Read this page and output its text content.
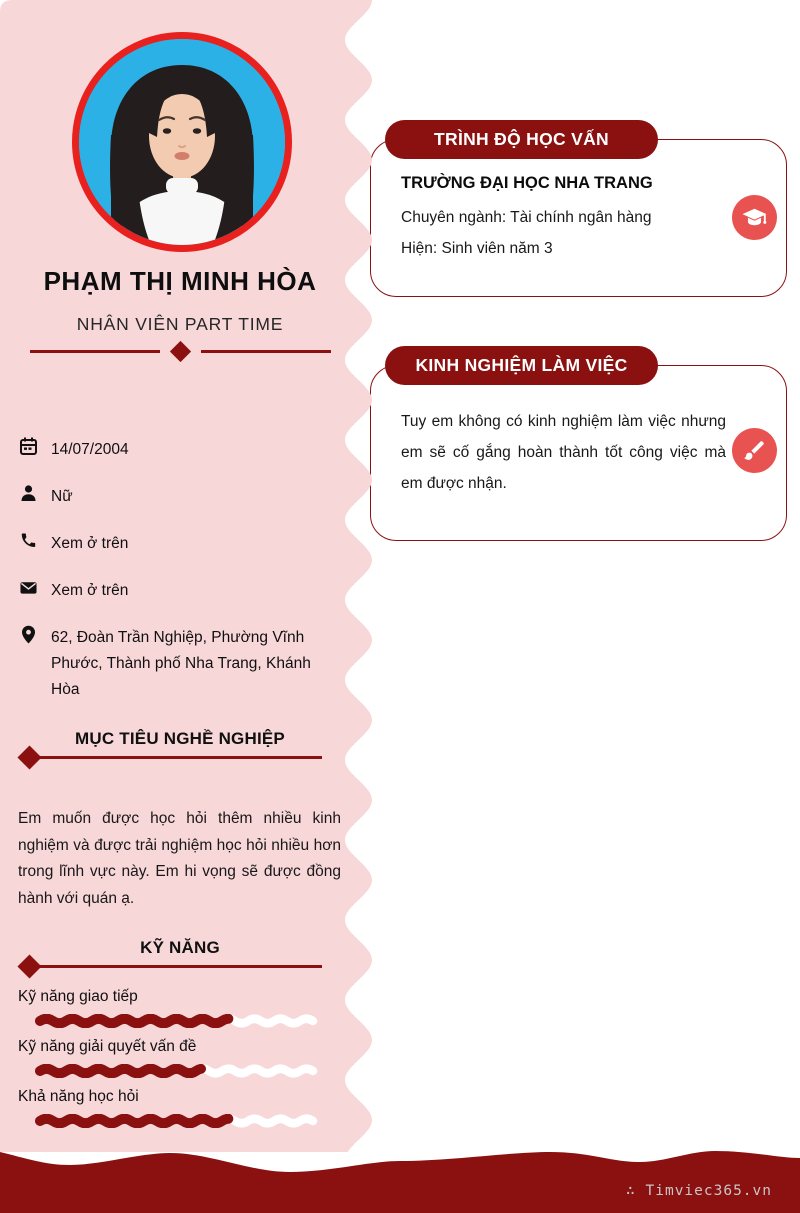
PHẠM THỊ MINH HÒA
NHÂN VIÊN PART TIME
14/07/2004
Nữ
Xem ở trên
Xem ở trên
62, Đoàn Trần Nghiệp, Phường Vĩnh Phước, Thành phố Nha Trang, Khánh Hòa
MỤC TIÊU NGHỀ NGHIỆP
Em muốn được học hỏi thêm nhiều kinh nghiệm và được trải nghiệm học hỏi nhiều hơn trong lĩnh vực này. Em hi vọng sẽ được đồng hành với quán ạ.
KỸ NĂNG
Kỹ năng giao tiếp
Kỹ năng giải quyết vấn đề
Khả năng học hỏi
TRƯỜNG ĐẠI HỌC NHA TRANG
Chuyên ngành: Tài chính ngân hàng
Hiện: Sinh viên năm 3
TRÌNH ĐỘ HỌC VẤN
Tuy em không có kinh nghiệm làm việc nhưng em sẽ cố gắng hoàn thành tốt công việc mà em được nhận.
KINH NGHIỆM LÀM VIỆC
∴ Timviec365.vn
